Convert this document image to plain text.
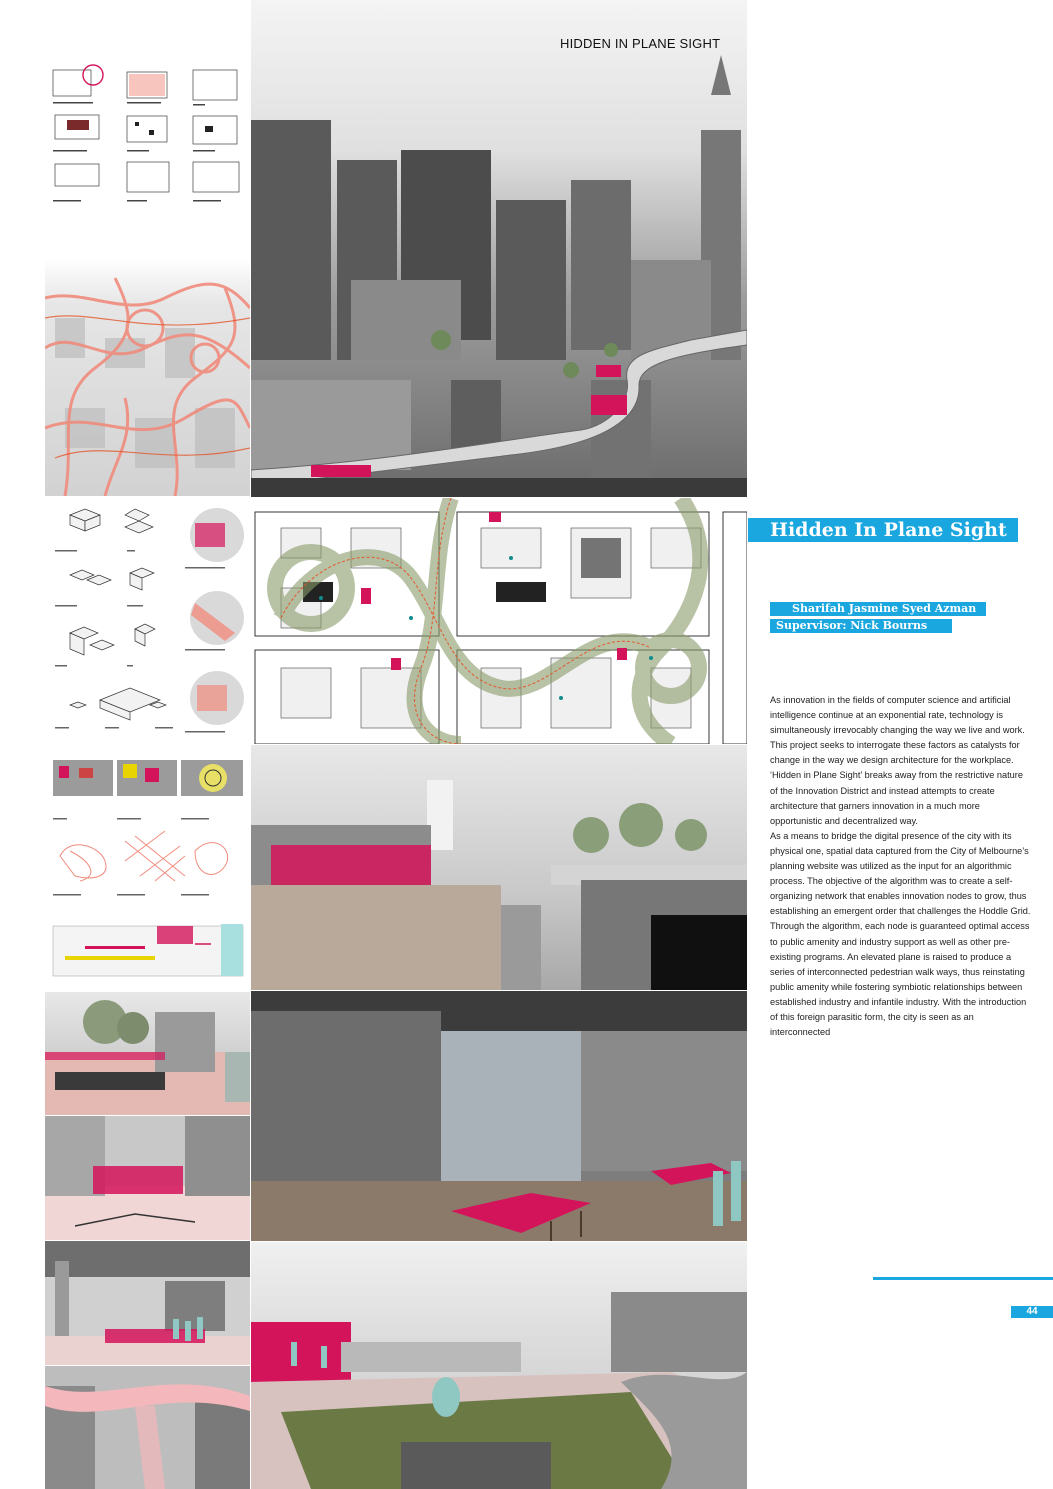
HIDDEN IN PLANE SIGHT
Hidden In Plane Sight
Sharifah Jasmine Syed Azman
Supervisor: Nick Bourns

As innovation in the fields of computer science and artificial intelligence continue at an exponential rate, technology is simultaneously irrevocably changing the way we live and work. This project seeks to interrogate these factors as catalysts for change in the way we design architecture for the workplace. ‘Hidden in Plane Sight’ breaks away from the restrictive nature of the Innovation District and instead attempts to create architecture that garners innovation in a much more opportunistic and decentralized way.

As a means to bridge the digital presence of the city with its physical one, spatial data captured from the City of Melbourne’s planning website was utilized as the input for an algorithmic process. The objective of the algorithm was to create a self-organizing network that enables innovation nodes to grow, thus establishing an emergent order that challenges the Hoddle Grid. Through the algorithm, each node is guaranteed optimal access to public amenity and industry support as well as other pre-existing programs. An elevated plane is raised to produce a series of interconnected pedestrian walk ways, thus reinstating public amenity while fostering symbiotic relationships between established industry and infantile industry. With the introduction of this foreign parasitic form, the city is seen as an interconnected

44
